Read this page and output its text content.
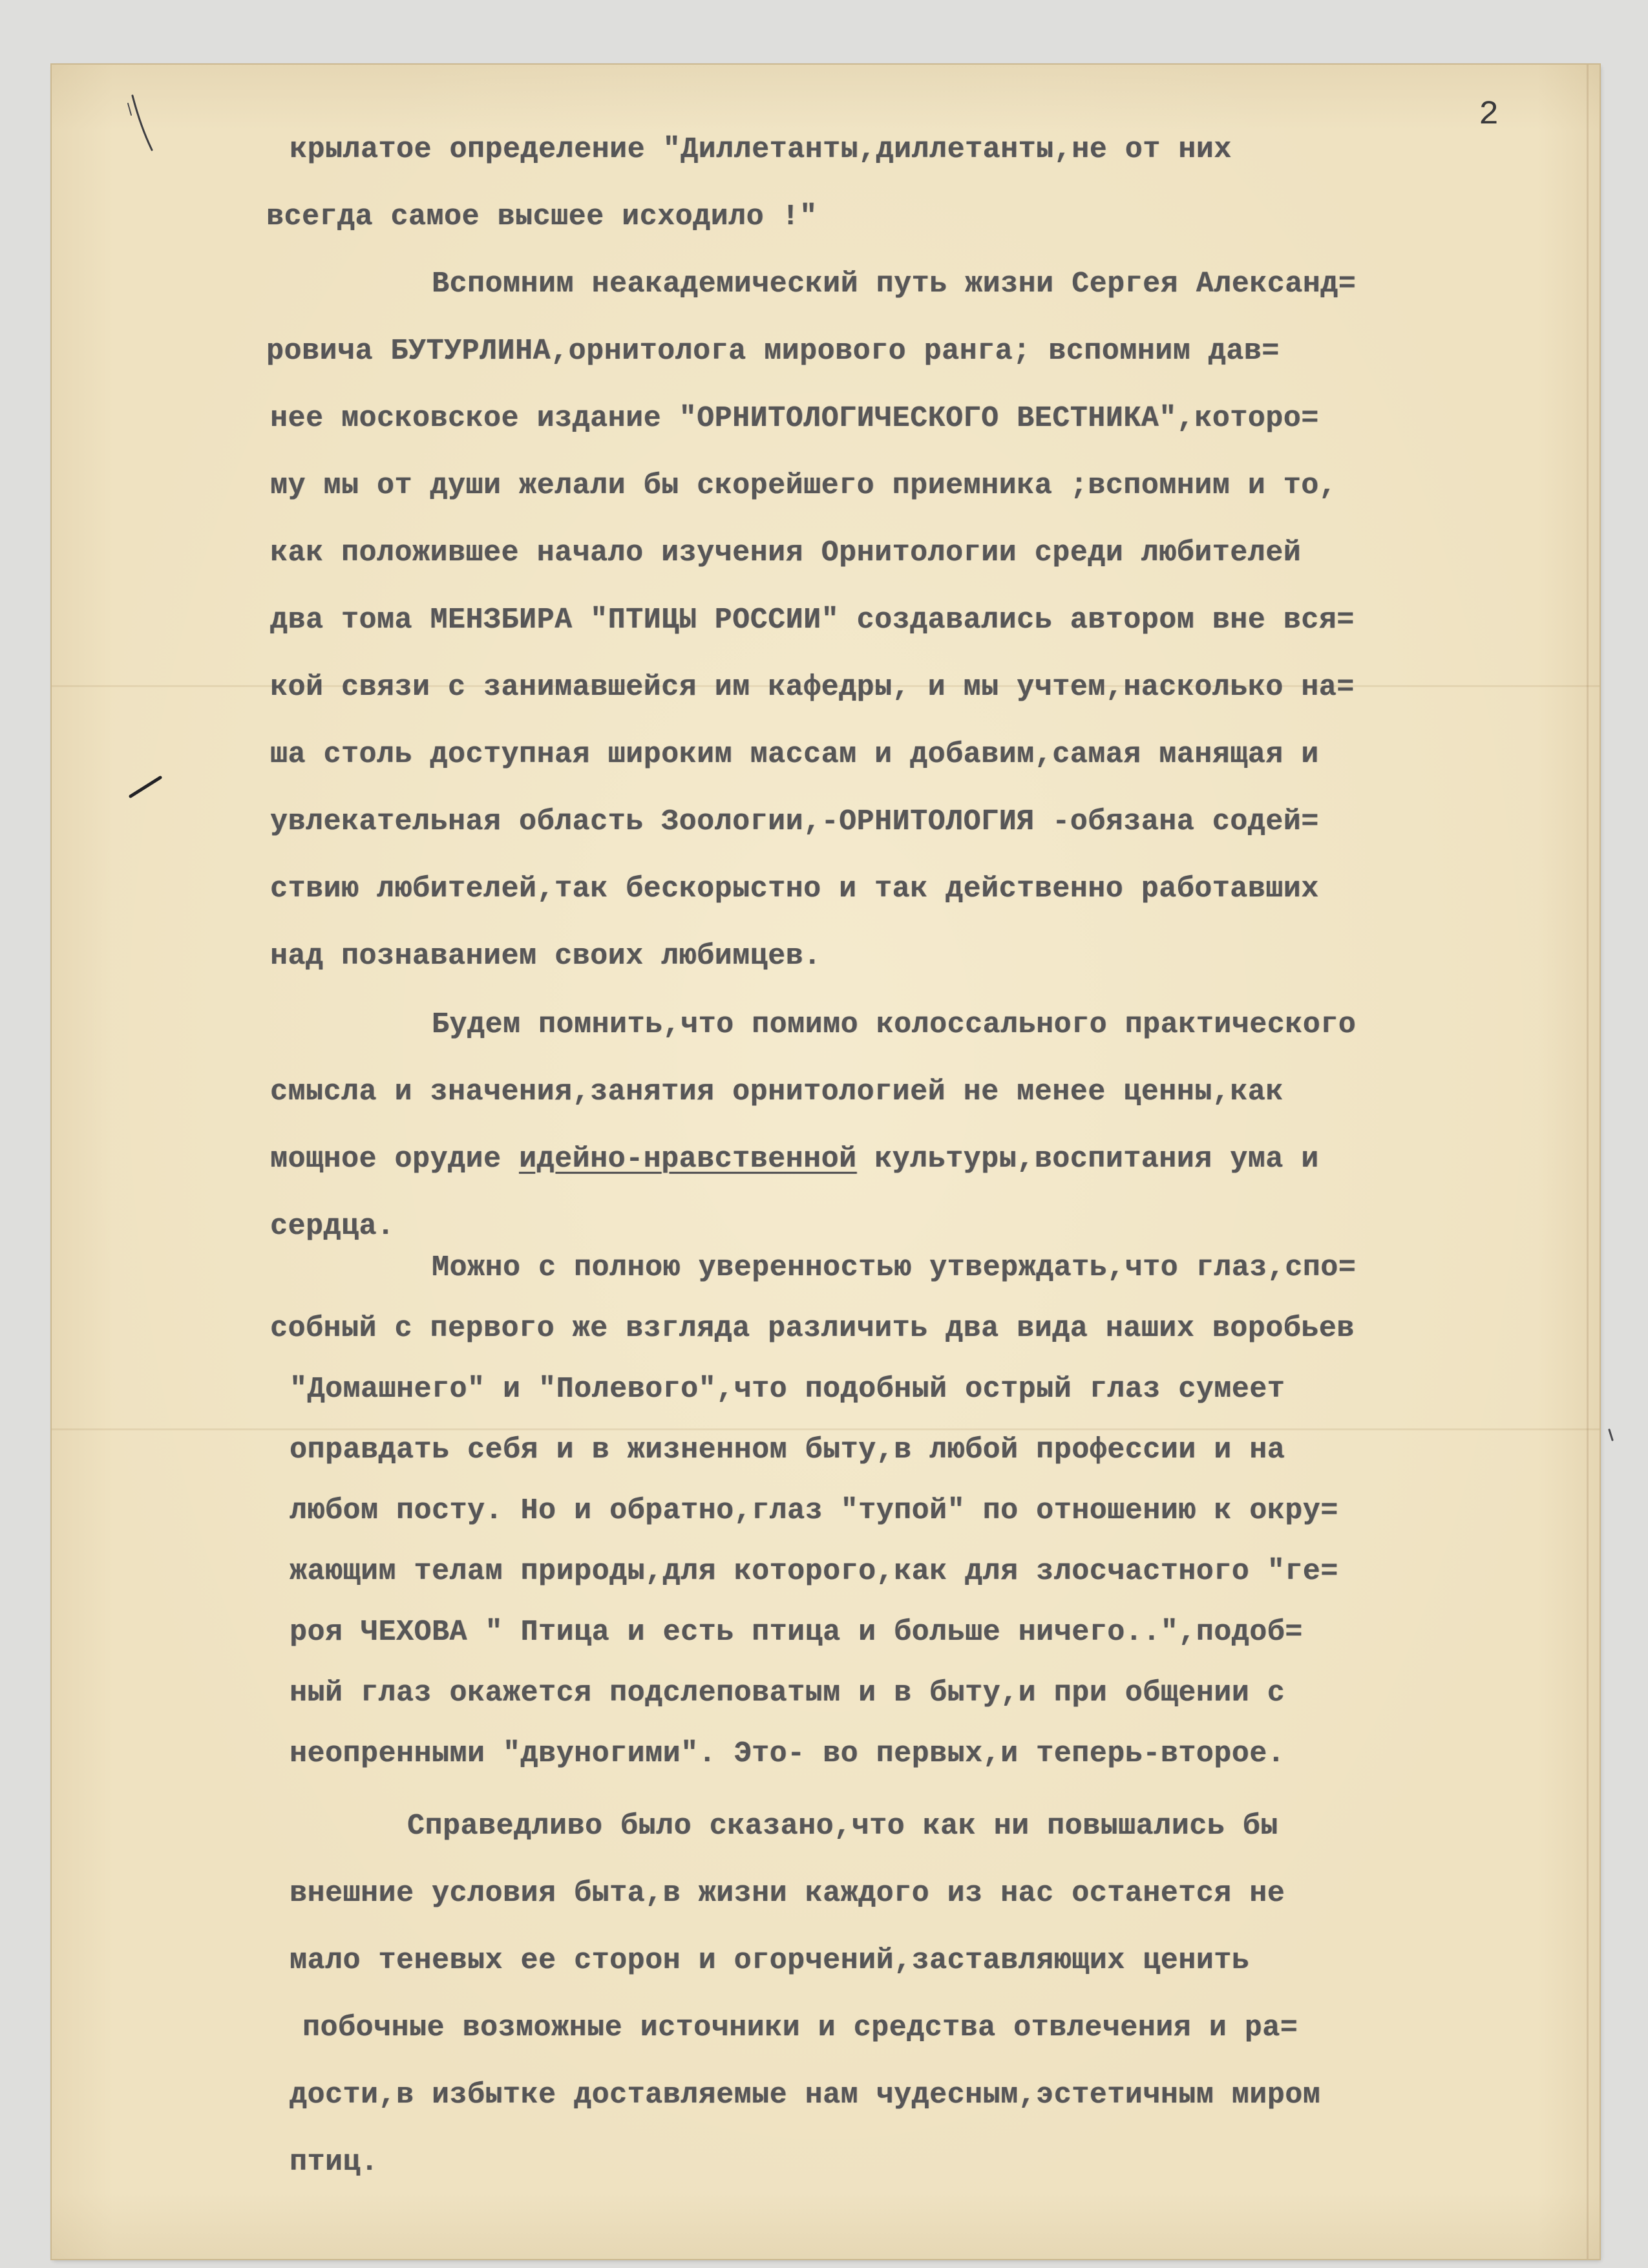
2
крылатое определение "Диллетанты,диллетанты,не от них
всегда самое высшее исходило !"
Вспомним неакадемический путь жизни Сергея Александ=
ровича БУТУРЛИНА,орнитолога мирового ранга; вспомним дав=
нее московское издание "ОРНИТОЛОГИЧЕСКОГО ВЕСТНИКА",которо=
му мы от души желали бы скорейшего приемника ;вспомним и то,
как положившее начало изучения Орнитологии среди любителей
два тома МЕНЗБИРА "ПТИЦЫ РОССИИ" создавались автором вне вся=
кой связи с занимавшейся им кафедры, и мы учтем,насколько на=
ша столь доступная широким массам и добавим,самая манящая и
увлекательная область Зоологии,-ОРНИТОЛОГИЯ -обязана содей=
ствию любителей,так бескорыстно и так действенно работавших
над познаванием своих любимцев.
Будем помнить,что помимо колоссального практического
смысла и значения,занятия орнитологией не менее ценны,как
мощное орудие идейно-нравственной культуры,воспитания ума и
сердца.
Можно с полною уверенностью утверждать,что глаз,спо=
собный с первого же взгляда различить два вида наших воробьев
"Домашнего" и "Полевого",что подобный острый глаз сумеет
оправдать себя и в жизненном быту,в любой профессии и на
любом посту. Но и обратно,глаз "тупой" по отношению к окру=
жающим телам природы,для которого,как для злосчастного "ге=
роя ЧЕХОВА " Птица и есть птица и больше ничего..",подоб=
ный глаз окажется подслеповатым и в быту,и при общении с
неопренными "двуногими". Это- во первых,и теперь-второе.
Справедливо было сказано,что как ни повышались бы
внешние условия быта,в жизни каждого из нас останется не
мало теневых ее сторон и огорчений,заставляющих ценить
побочные возможные источники и средства отвлечения и ра=
дости,в избытке доставляемые нам чудесным,эстетичным миром
птиц.
